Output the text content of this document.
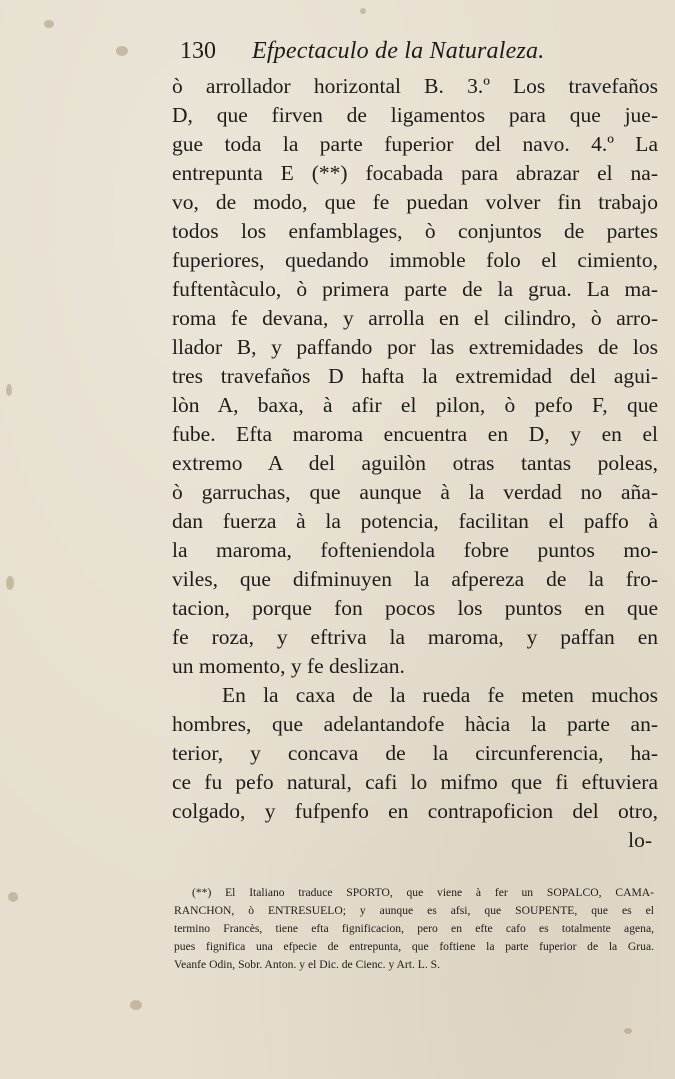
130 Efpectaculo de la Naturaleza.
ò arrollador horizontal B. 3.º Los travefaños
D, que firven de ligamentos para que jue-
gue toda la parte fuperior del navo. 4.º La
entrepunta E (**) focabada para abrazar el na-
vo, de modo, que fe puedan volver fin trabajo
todos los enfamblages, ò conjuntos de partes
fuperiores, quedando immoble folo el cimiento,
fuftentàculo, ò primera parte de la grua. La ma-
roma fe devana, y arrolla en el cilindro, ò arro-
llador B, y paffando por las extremidades de los
tres travefaños D hafta la extremidad del agui-
lòn A, baxa, à afir el pilon, ò pefo F, que
fube. Efta maroma encuentra en D, y en el
extremo A del aguilòn otras tantas poleas,
ò garruchas, que aunque à la verdad no aña-
dan fuerza à la potencia, facilitan el paffo à
la maroma, fofteniendola fobre puntos mo-
viles, que difminuyen la afpereza de la fro-
tacion, porque fon pocos los puntos en que
fe roza, y eftriva la maroma, y paffan en
un momento, y fe deslizan.
En la caxa de la rueda fe meten muchos
hombres, que adelantandofe hàcia la parte an-
terior, y concava de la circunferencia, ha-
ce fu pefo natural, cafi lo mifmo que fi eftuviera
colgado, y fufpenfo en contrapoficion del otro,
lo-
(**) El Italiano traduce SPORTO, que viene à fer un SOPALCO, CAMA-
RANCHON, ò ENTRESUELO; y aunque es afsi, que SOUPENTE, que es el
termino Francès, tiene efta fignificacion, pero en efte cafo es totalmente agena,
pues fignifica una efpecie de entrepunta, que foftiene la parte fuperior de la Grua.
Veanfe Odin, Sobr. Anton. y el Dic. de Cienc. y Art. L. S.
